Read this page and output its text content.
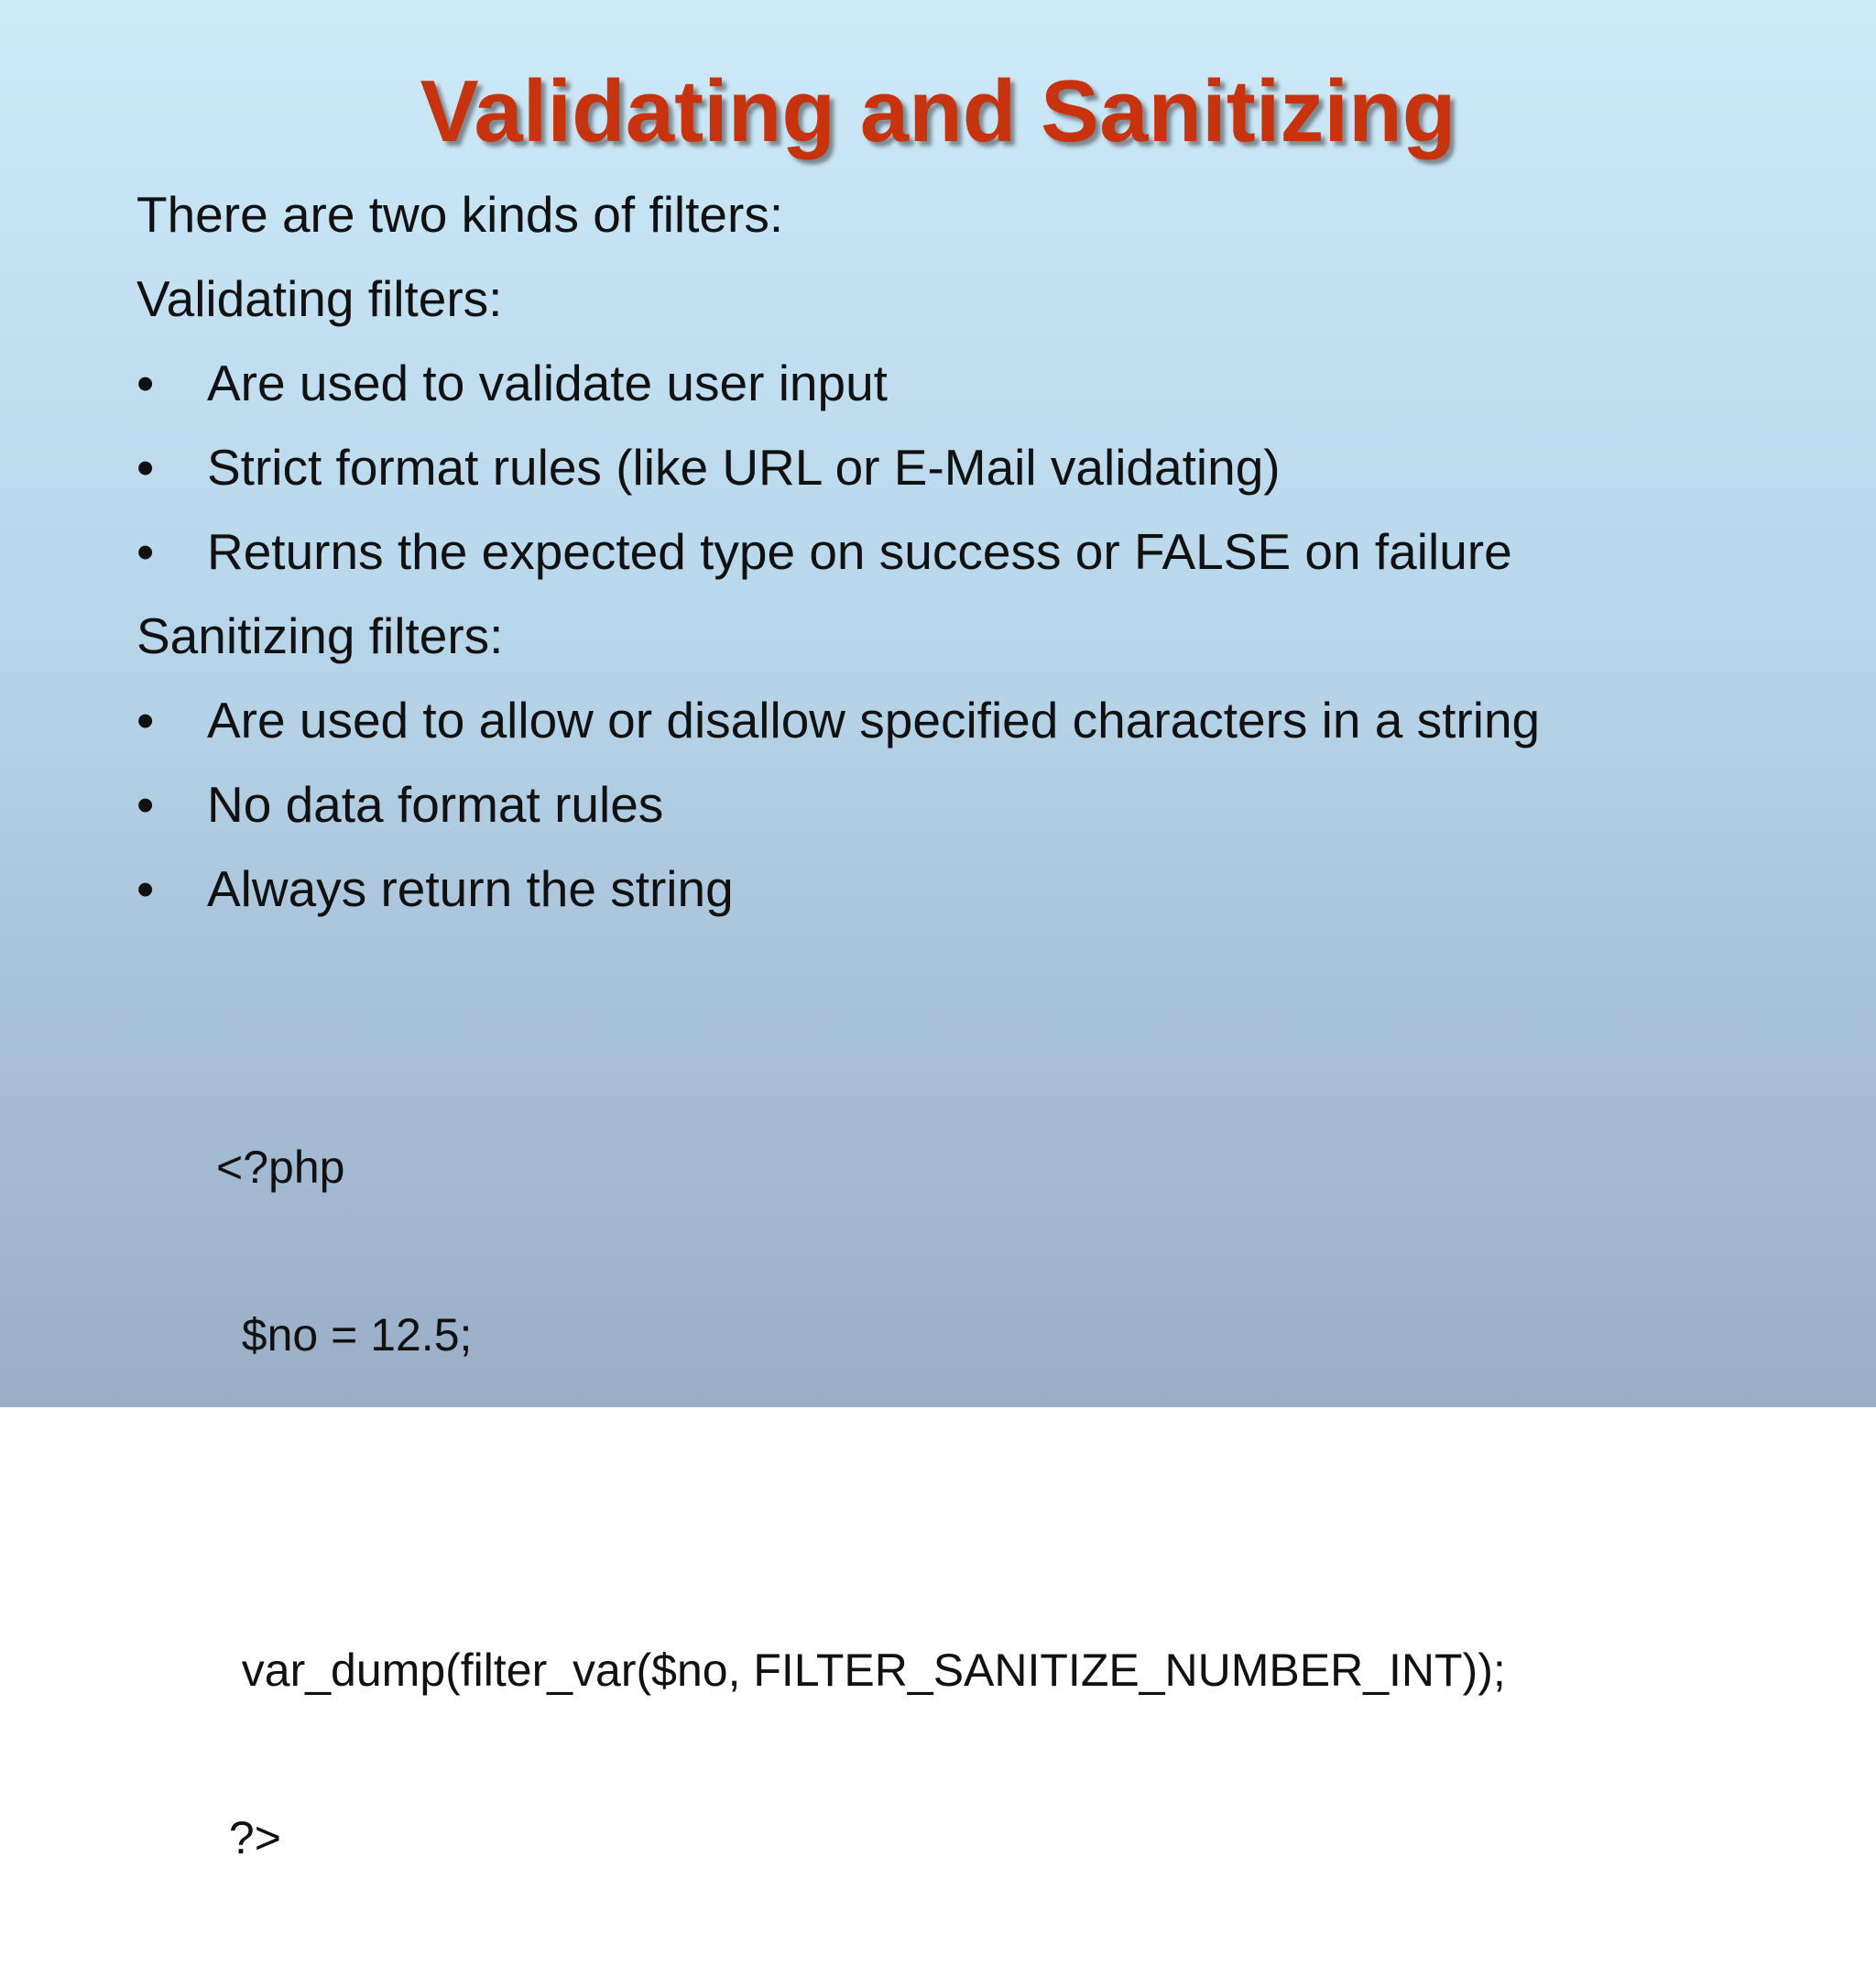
Validating and Sanitizing
There are two kinds of filters:
Validating filters:
• Are used to validate user input
• Strict format rules (like URL or E-Mail validating)
• Returns the expected type on success or FALSE on failure
Sanitizing filters:
• Are used to allow or disallow specified characters in a string
• No data format rules
• Always return the string

<?php

$no = 12.5;

var_dump(filter_var($no, FILTER_SANITIZE_NUMBER_INT));

?>
